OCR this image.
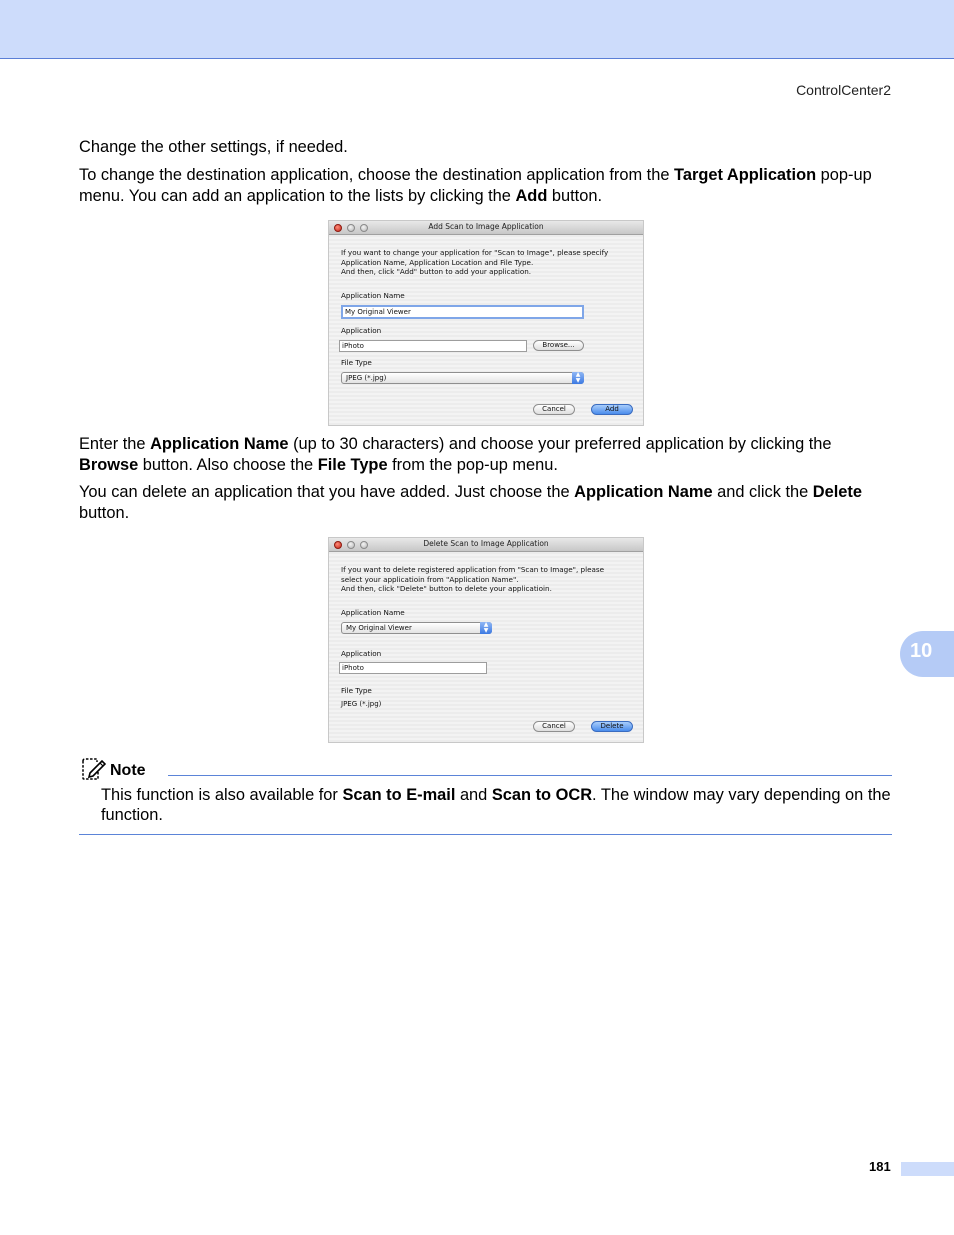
ControlCenter2

Change the other settings, if needed.

To change the destination application, choose the destination application from the Target Application pop-up menu. You can add an application to the lists by clicking the Add button.

Add Scan to Image Application
If you want to change your application for "Scan to Image", please specify
Application Name, Application Location and File Type.
And then, click "Add" button to add your application.
Application Name
My Original Viewer
Application
iPhoto	Browse...
File Type
JPEG (*.jpg)	▲
▼
Cancel	Add

Enter the Application Name (up to 30 characters) and choose your preferred application by clicking the Browse button. Also choose the File Type from the pop-up menu.

You can delete an application that you have added. Just choose the Application Name and click the Delete button.

Delete Scan to Image Application
If you want to delete registered application from "Scan to Image", please
select your applicatioin from "Application Name".
And then, click "Delete" button to delete your applicatioin.
Application Name
My Original Viewer	▲
▼
Application
iPhoto
File Type
JPEG (*.jpg)
Cancel	Delete
10
Note

This function is also available for Scan to E-mail and Scan to OCR. The window may vary depending on the function.

181
